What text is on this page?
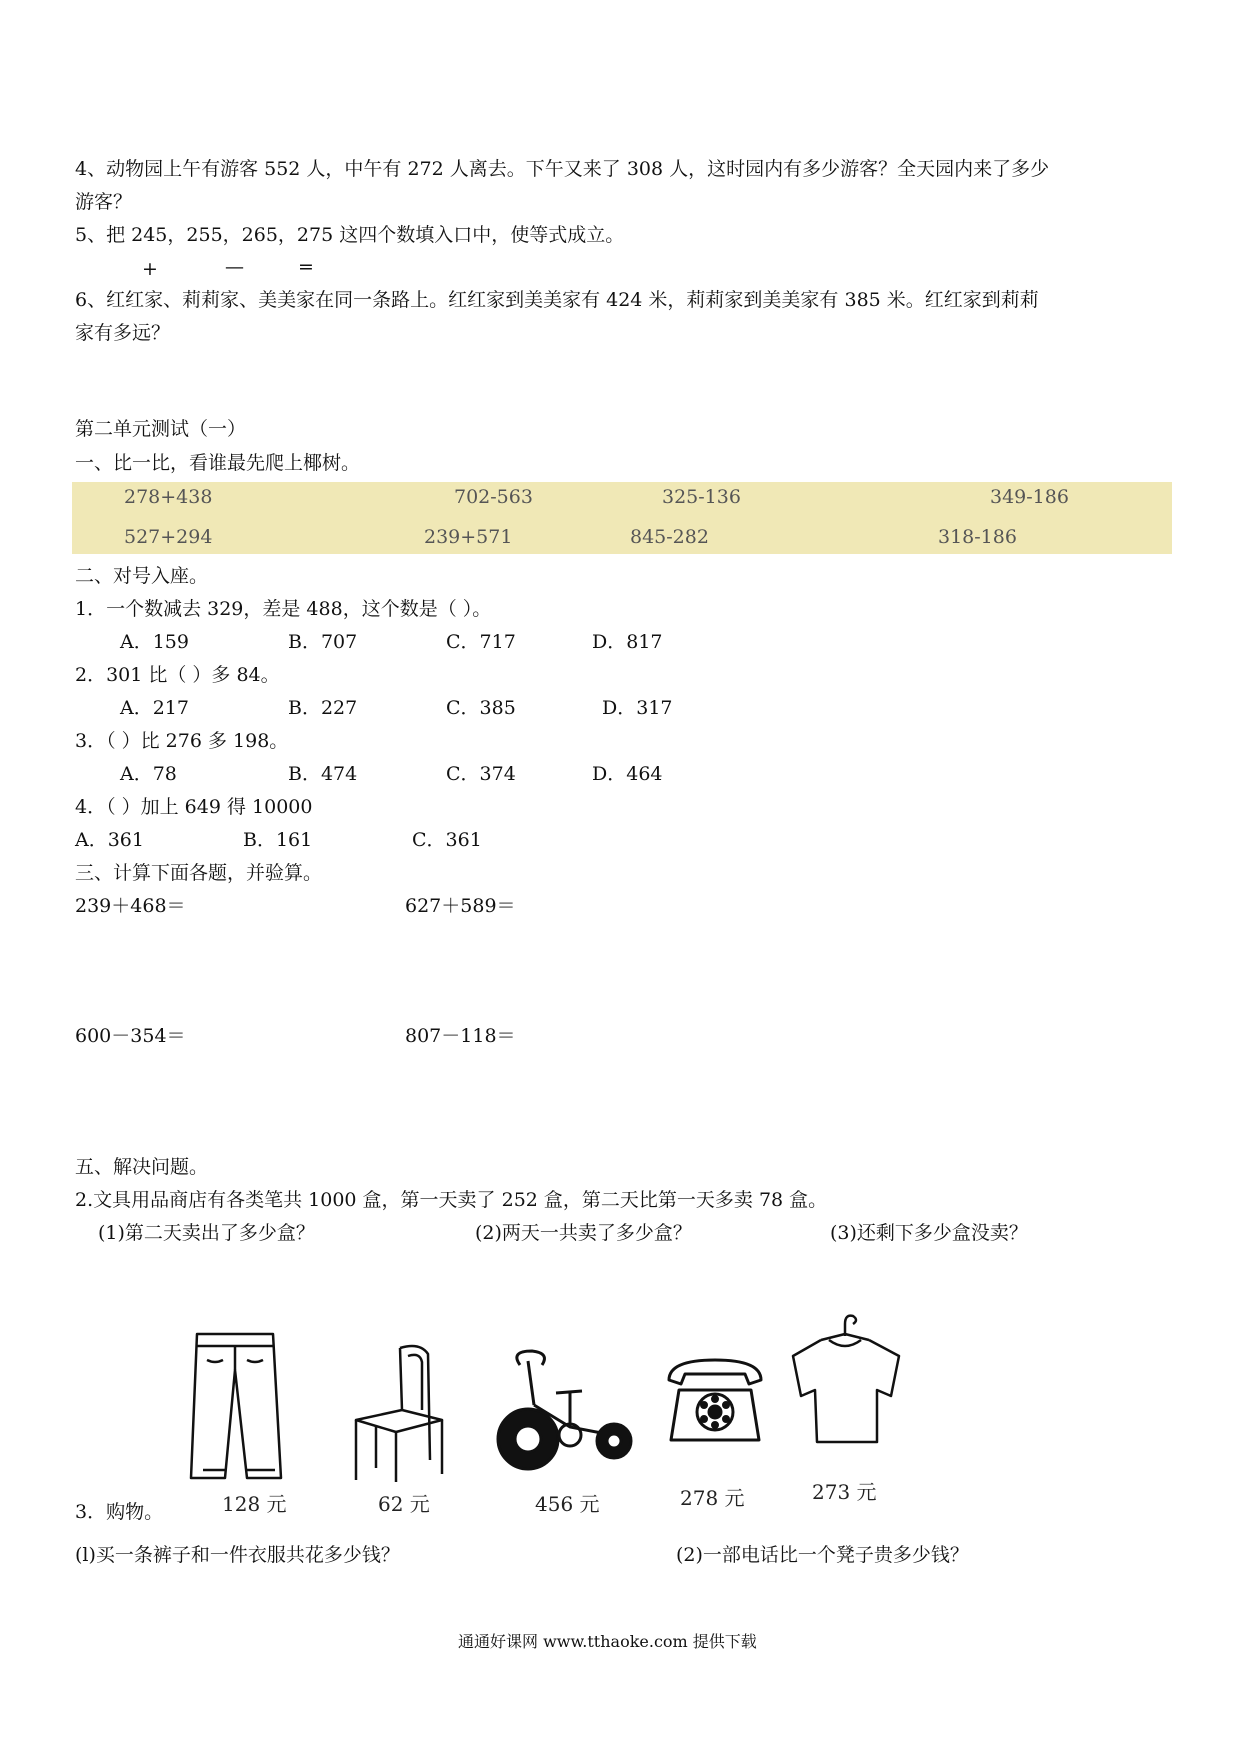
4、动物园上午有游客 552 人，中午有 272 人离去。下午又来了 308 人，这时园内有多少游客？全天园内来了多少
游客？
5、把 245，255，265，275 这四个数填入口中，使等式成立。
+	—	=
6、红红家、莉莉家、美美家在同一条路上。红红家到美美家有 424 米，莉莉家到美美家有 385 米。红红家到莉莉
家有多远？
第二单元测试（一）
一、比一比，看谁最先爬上椰树。
278+438	702-563	325-136	349-186
527+294	239+571	845-282	318-186
二、对号入座。
1．一个数减去 329，差是 488，这个数是（ ）。
A．159	B．707	C．717	D．817
2．301 比（ ）多 84。
A．217	B．227	C．385	D．317
3．（ ）比 276 多 198。
A．78	B．474	C．374	D．464
4．（ ）加上 649 得 10000
A．361	B．161	C．361
三、计算下面各题，并验算。
239＋468＝	627＋589＝
600－354＝	807－118＝
五、解决问题。
2.文具用品商店有各类笔共 1000 盒，第一天卖了 252 盒，第二天比第一天多卖 78 盒。
(1)第二天卖出了多少盒？	(2)两天一共卖了多少盒？	(3)还剩下多少盒没卖？
128 元	62 元	456 元	278 元	273 元
3．购物。
(l)买一条裤子和一件衣服共花多少钱？	(2)一部电话比一个凳子贵多少钱？
通通好课网 www.tthaoke.com 提供下载
